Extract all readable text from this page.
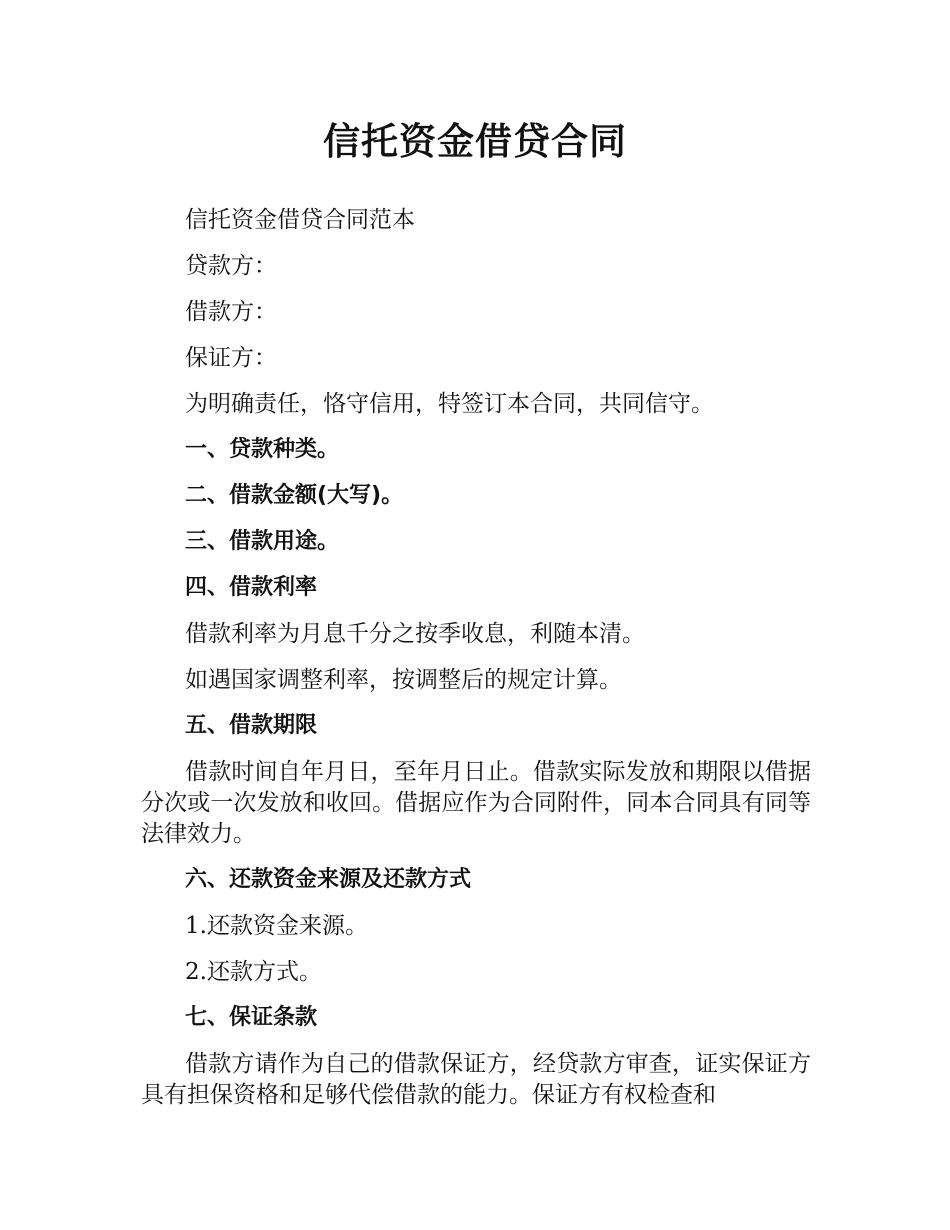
信托资金借贷合同
信托资金借贷合同范本
贷款方：
借款方：
保证方：
为明确责任，恪守信用，特签订本合同，共同信守。
一、贷款种类。
二、借款金额(大写)。
三、借款用途。
四、借款利率
借款利率为月息千分之按季收息，利随本清。
如遇国家调整利率，按调整后的规定计算。
五、借款期限
借款时间自年月日，至年月日止。借款实际发放和期限以借据分次或一次发放和收回。借据应作为合同附件，同本合同具有同等法律效力。
六、还款资金来源及还款方式
1.还款资金来源。
2.还款方式。
七、保证条款
借款方请作为自己的借款保证方，经贷款方审查，证实保证方具有担保资格和足够代偿借款的能力。保证方有权检查和
